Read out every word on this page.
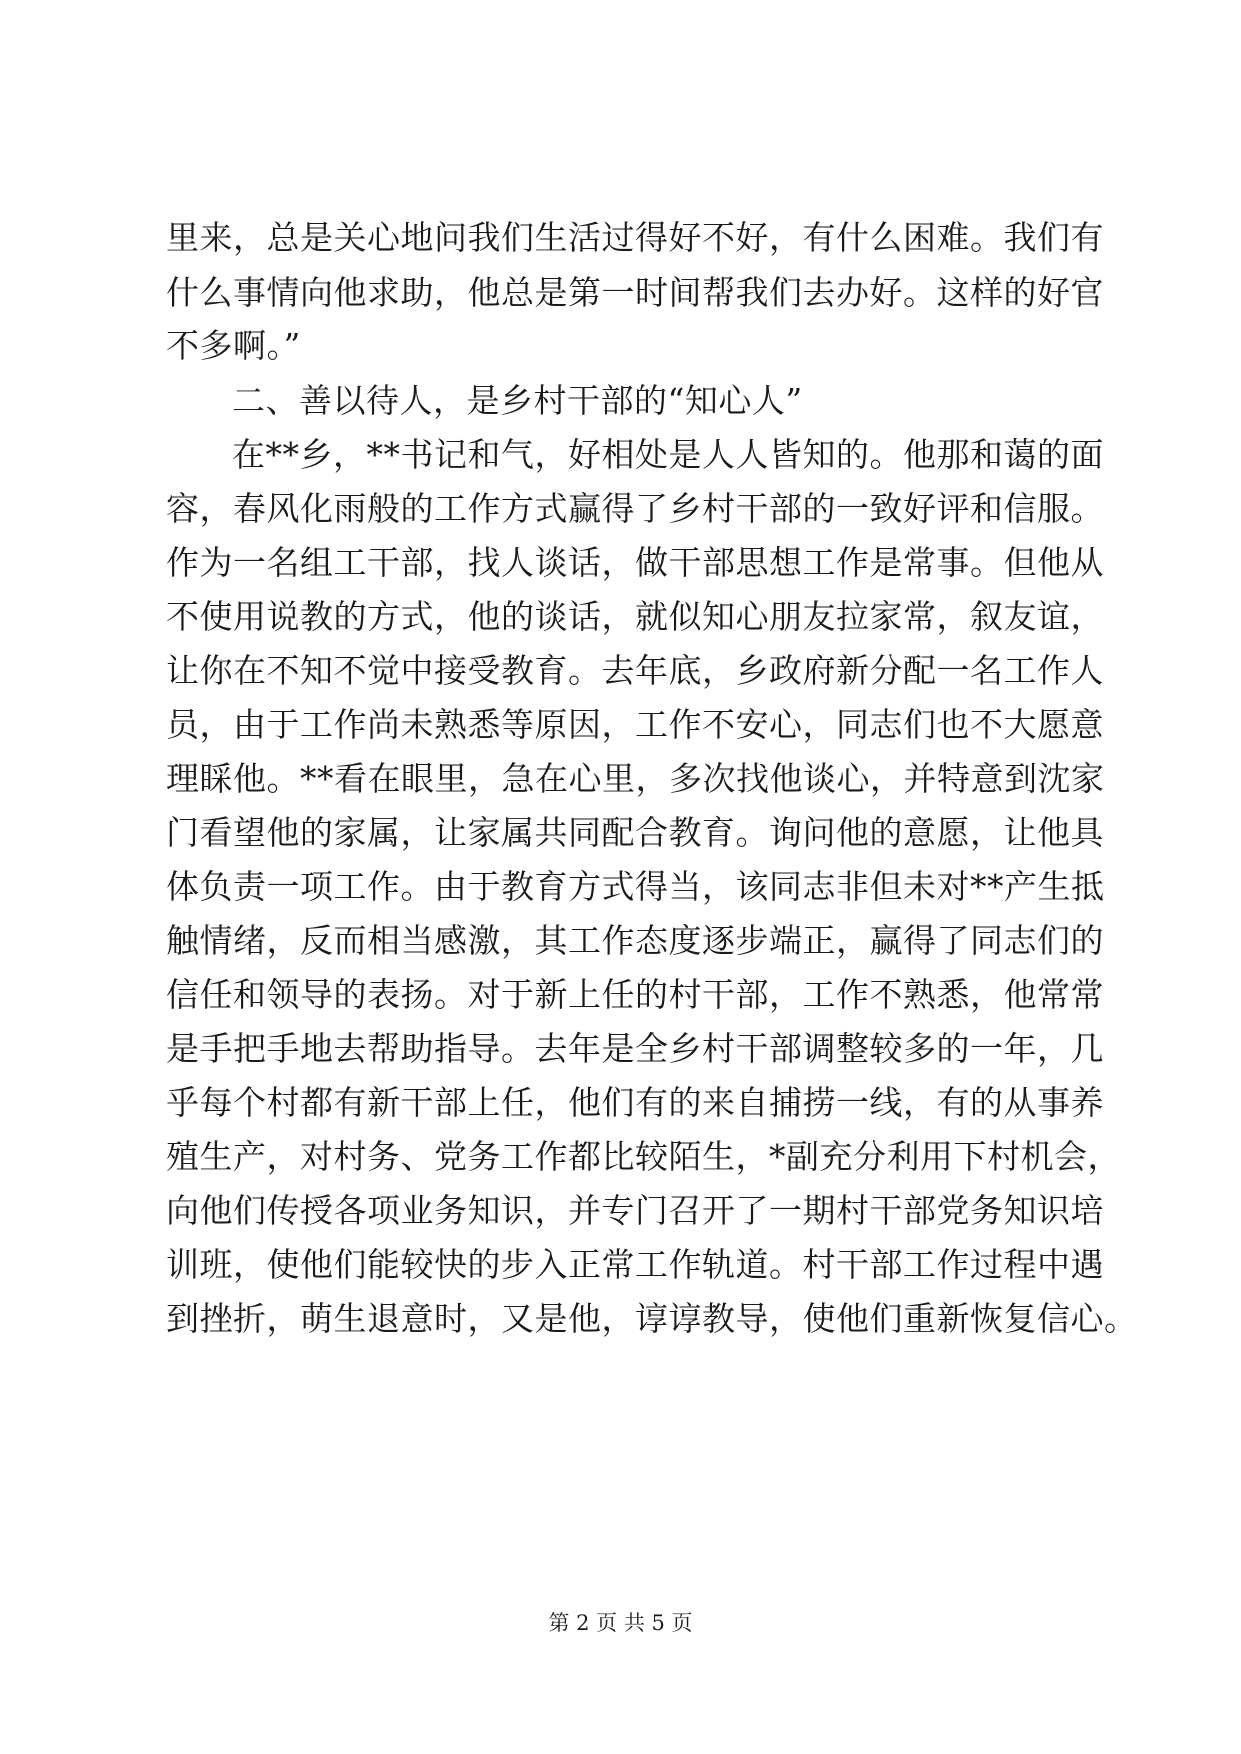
里来，总是关心地问我们生活过得好不好，有什么困难。我们有
什么事情向他求助，他总是第一时间帮我们去办好。这样的好官
不多啊。”
二、善以待人，是乡村干部的“知心人”
在**乡，**书记和气，好相处是人人皆知的。他那和蔼的面
容，春风化雨般的工作方式赢得了乡村干部的一致好评和信服。
作为一名组工干部，找人谈话，做干部思想工作是常事。但他从
不使用说教的方式，他的谈话，就似知心朋友拉家常，叙友谊，
让你在不知不觉中接受教育。去年底，乡政府新分配一名工作人
员，由于工作尚未熟悉等原因，工作不安心，同志们也不大愿意
理睬他。**看在眼里，急在心里，多次找他谈心，并特意到沈家
门看望他的家属，让家属共同配合教育。询问他的意愿，让他具
体负责一项工作。由于教育方式得当，该同志非但未对**产生抵
触情绪，反而相当感激，其工作态度逐步端正，赢得了同志们的
信任和领导的表扬。对于新上任的村干部，工作不熟悉，他常常
是手把手地去帮助指导。去年是全乡村干部调整较多的一年，几
乎每个村都有新干部上任，他们有的来自捕捞一线，有的从事养
殖生产，对村务、党务工作都比较陌生，*副充分利用下村机会，
向他们传授各项业务知识，并专门召开了一期村干部党务知识培
训班，使他们能较快的步入正常工作轨道。村干部工作过程中遇
到挫折，萌生退意时，又是他，谆谆教导，使他们重新恢复信心。
第 2 页 共 5 页
